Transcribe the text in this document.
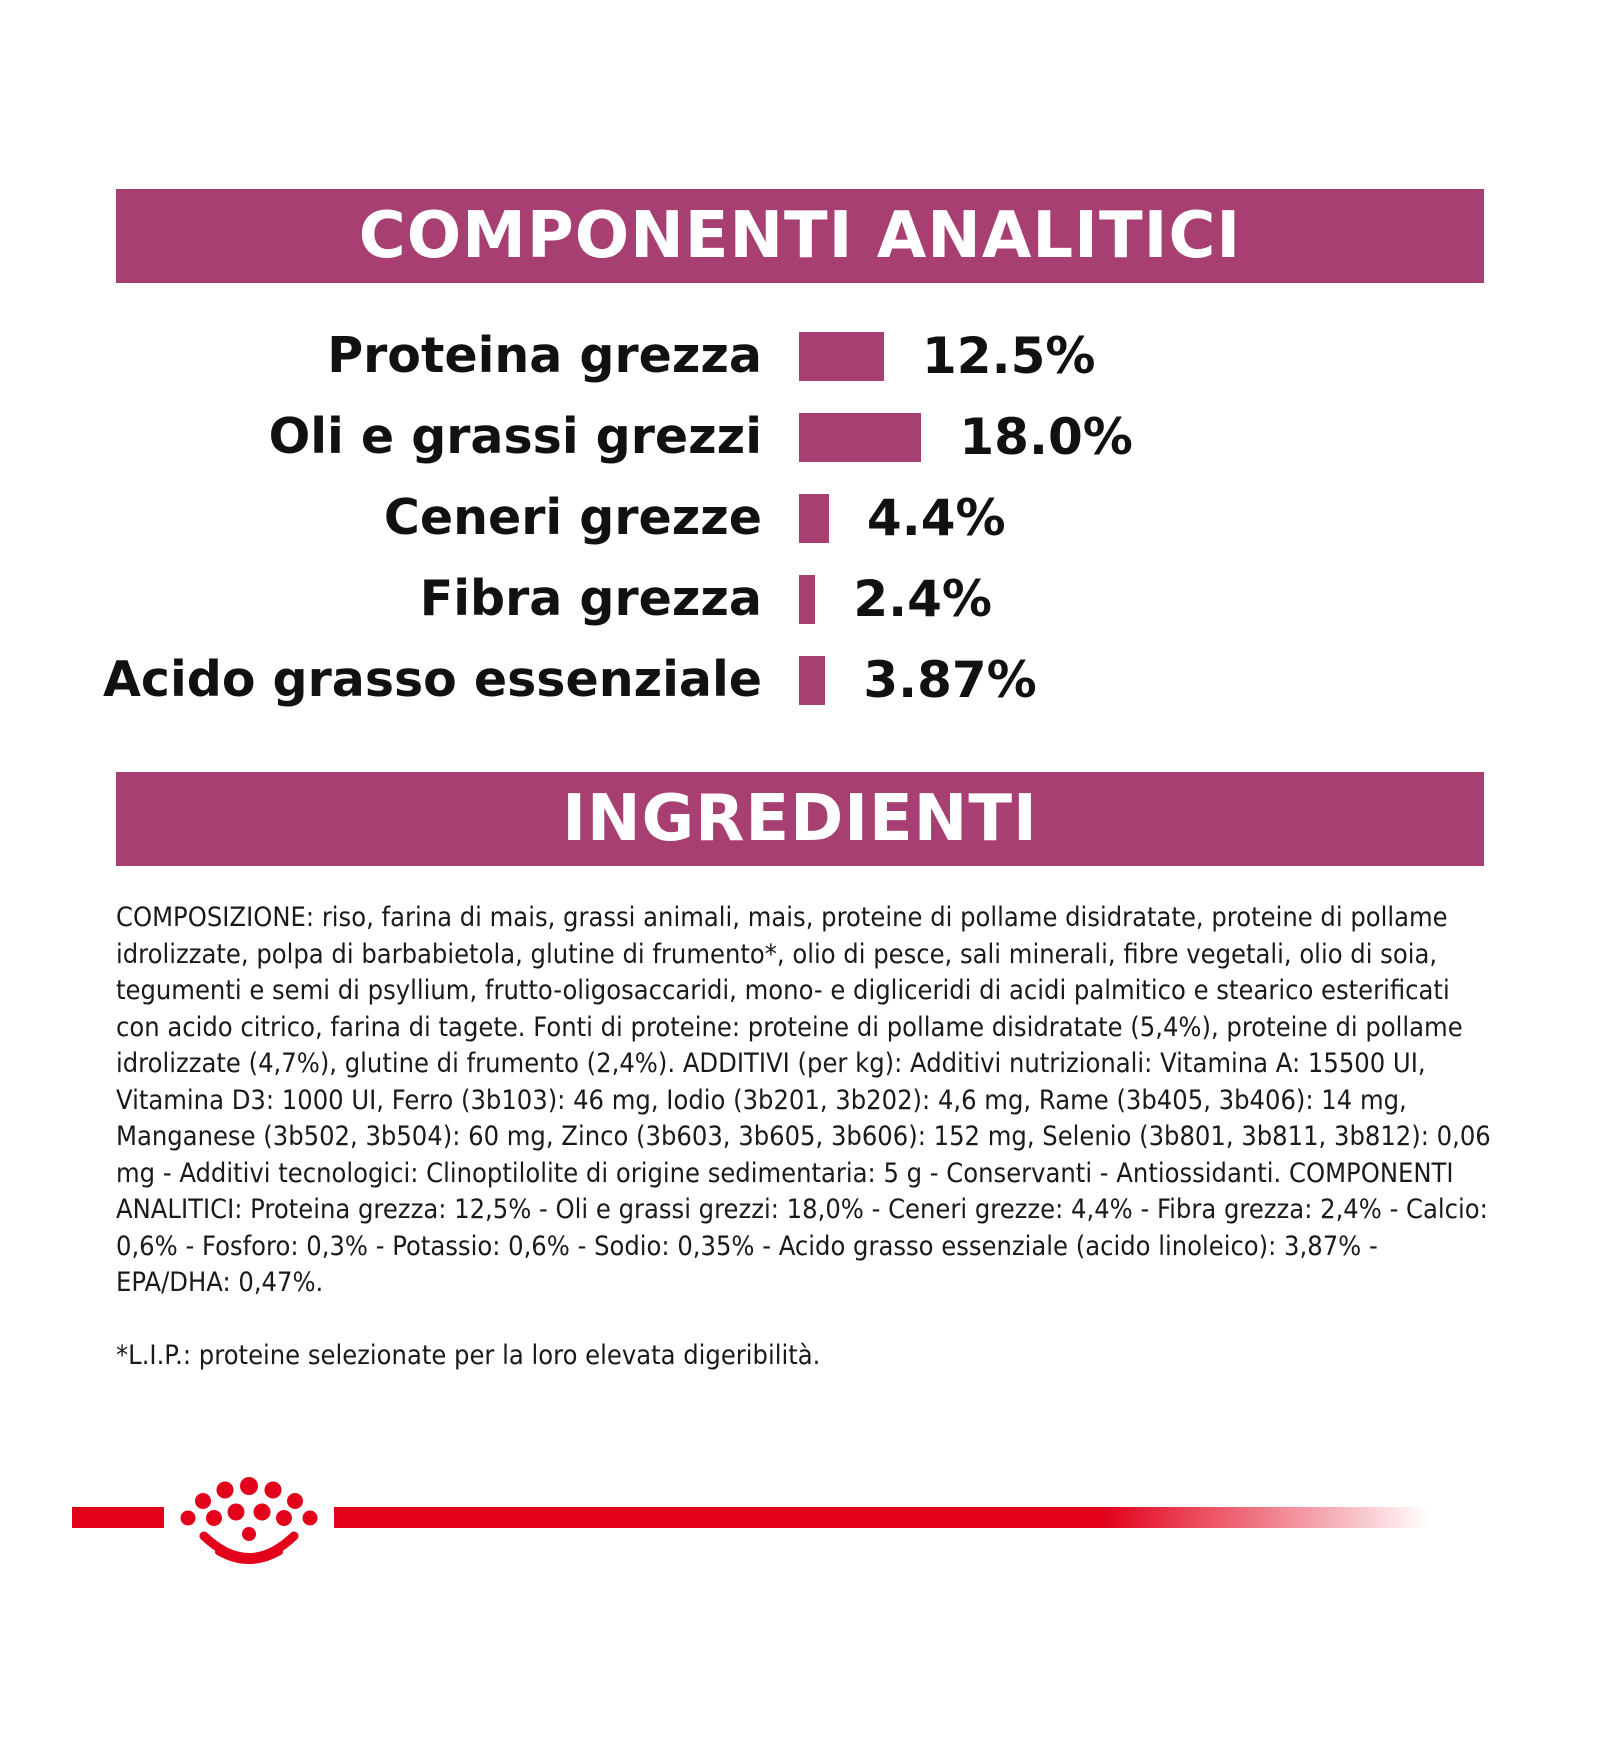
COMPONENTI ANALITICI
Proteina grezza	12.5%
Oli e grassi grezzi	18.0%
Ceneri grezze 4.4%
Fibra grezza 2.4%
Acido grasso essenziale 3.87%
INGREDIENTI

COMPOSIZIONE: riso, farina di mais, grassi animali, mais, proteine di pollame disidratate, proteine di pollame idrolizzate, polpa di barbabietola, glutine di frumento*, olio di pesce, sali minerali, fibre vegetali, olio di soia, tegumenti e semi di psyllium, frutto-oligosaccaridi, mono- e digliceridi di acidi palmitico e stearico esterificati con acido citrico, farina di tagete. Fonti di proteine: proteine di pollame disidratate (5,4%), proteine di pollame idrolizzate (4,7%), glutine di frumento (2,4%). ADDITIVI (per kg): Additivi nutrizionali: Vitamina A: 15500 UI, Vitamina D3: 1000 UI, Ferro (3b103): 46 mg, Iodio (3b201, 3b202): 4,6 mg, Rame (3b405, 3b406): 14 mg, Manganese (3b502, 3b504): 60 mg, Zinco (3b603, 3b605, 3b606): 152 mg, Selenio (3b801, 3b811, 3b812): 0,06 mg - Additivi tecnologici: Clinoptilolite di origine sedimentaria: 5 g - Conservanti - Antiossidanti. COMPONENTI ANALITICI: Proteina grezza: 12,5% - Oli e grassi grezzi: 18,0% - Ceneri grezze: 4,4% - Fibra grezza: 2,4% - Calcio: 0,6% - Fosforo: 0,3% - Potassio: 0,6% - Sodio: 0,35% - Acido grasso essenziale (acido linoleico): 3,87% - EPA/DHA: 0,47%.

*L.I.P.: proteine selezionate per la loro elevata digeribilità.
